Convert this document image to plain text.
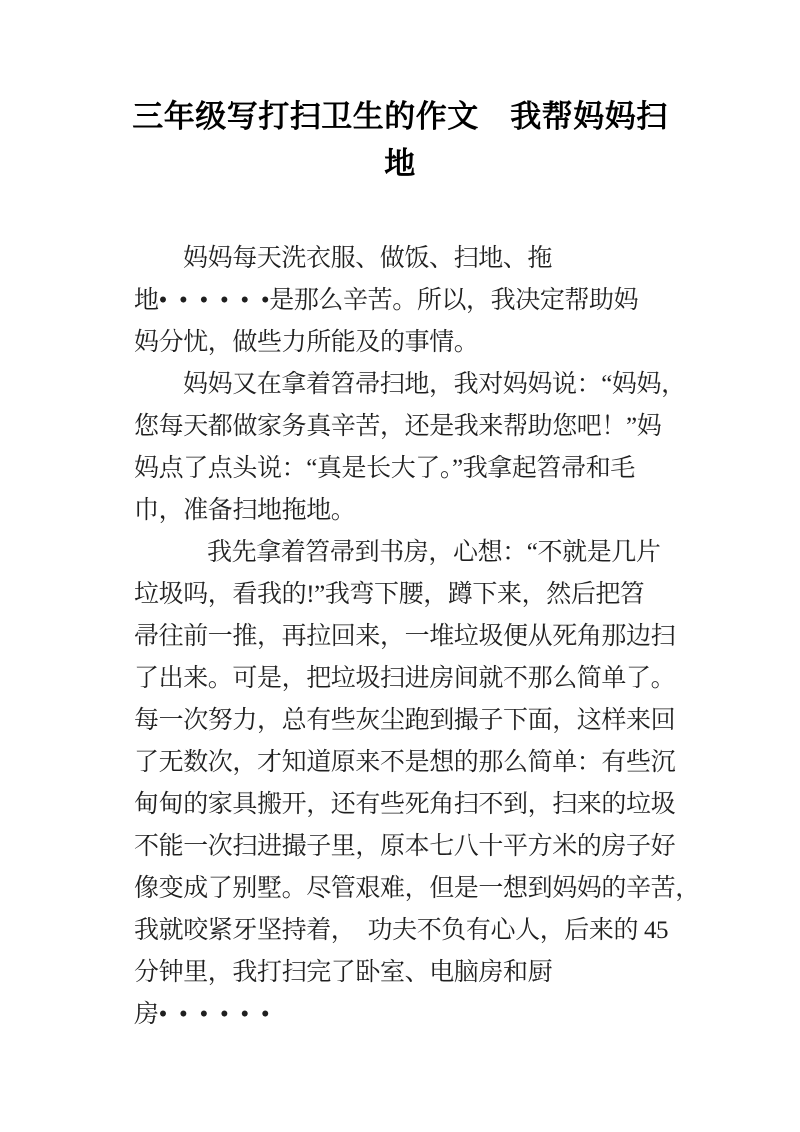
三年级写打扫卫生的作文　我帮妈妈扫
地
妈妈每天洗衣服、做饭、扫地、拖
地• • • • • •是那么辛苦。所以，我决定帮助妈
妈分忧，做些力所能及的事情。
妈妈又在拿着笤帚扫地，我对妈妈说：“妈妈，
您每天都做家务真辛苦，还是我来帮助您吧！”妈
妈点了点头说：“真是长大了。”我拿起笤帚和毛
巾，准备扫地拖地。
我先拿着笤帚到书房，心想：“不就是几片
垃圾吗，看我的!”我弯下腰，蹲下来，然后把笤
帚往前一推，再拉回来，一堆垃圾便从死角那边扫
了出来。可是，把垃圾扫进房间就不那么简单了。
每一次努力，总有些灰尘跑到撮子下面，这样来回
了无数次，才知道原来不是想的那么简单：有些沉
甸甸的家具搬开，还有些死角扫不到，扫来的垃圾
不能一次扫进撮子里，原本七八十平方米的房子好
像变成了别墅。尽管艰难，但是一想到妈妈的辛苦，
我就咬紧牙坚持着，　功夫不负有心人，后来的 45
分钟里，我打扫完了卧室、电脑房和厨
房• • • • • •
